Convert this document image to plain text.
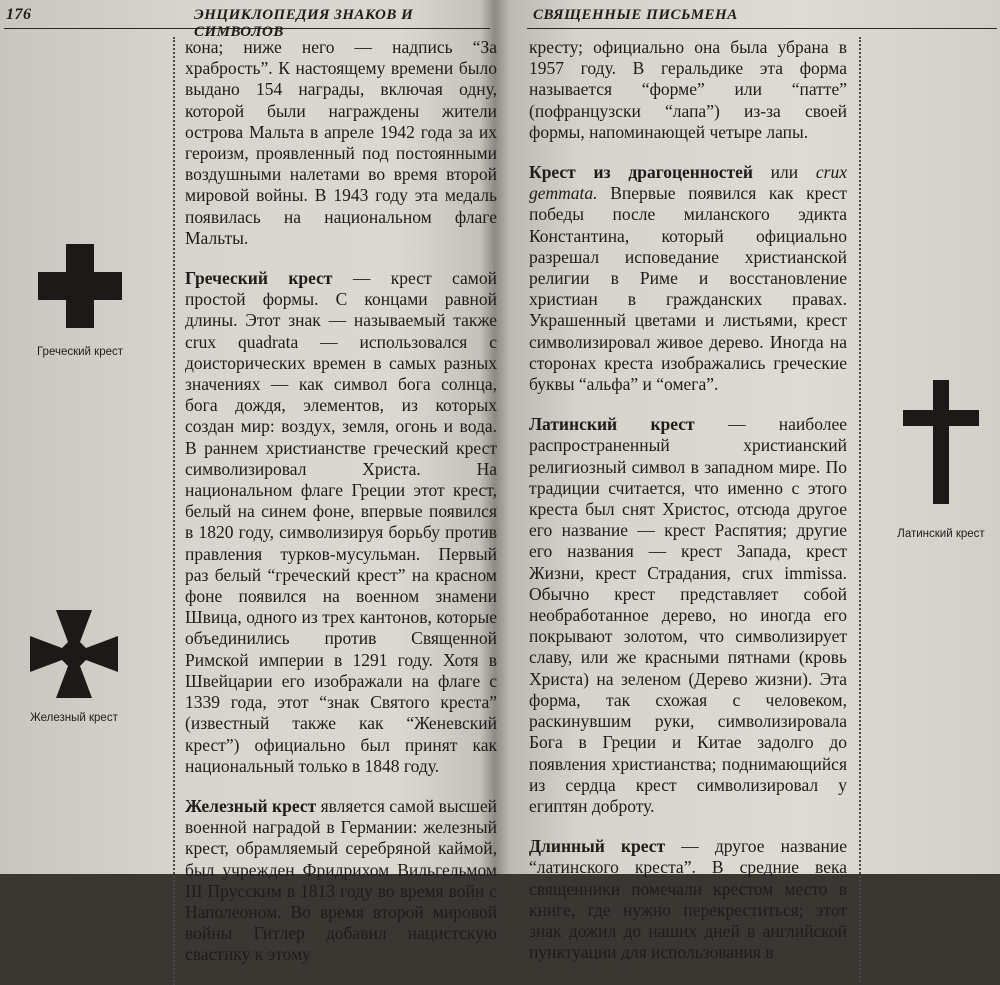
176	ЭНЦИКЛОПЕДИЯ ЗНАКОВ И СИМВОЛОВ
Греческий крест
Железный крест

кона; ниже него — надпись “За храбрость”. К настоящему времени было выдано 154 награды, включая одну, которой были награждены жители острова Мальта в апреле 1942 года за их героизм, проявленный под постоянными воздушными налетами во время второй мировой войны. В 1943 году эта медаль появилась на национальном флаге Мальты.

Греческий крест — крест самой простой формы. С концами равной длины. Этот знак — называемый также crux quadrata — использовался с доисторических времен в самых разных значениях — как символ бога солнца, бога дождя, элементов, из которых создан мир: воздух, земля, огонь и вода. В раннем христианстве греческий крест символизировал Христа. На национальном флаге Греции этот крест, белый на синем фоне, впервые появился в 1820 году, символизируя борьбу против правления турков-мусульман. Первый раз белый “греческий крест” на красном фоне появился на военном знамени Швица, одного из трех кантонов, которые объединились против Священной Римской империи в 1291 году. Хотя в Швейцарии его изображали на флаге с 1339 года, этот “знак Святого креста” (известный также как “Женевский крест”) официально был принят как национальный только в 1848 году.

Железный крест является самой высшей военной наградой в Германии: железный крест, обрамляемый серебряной каймой, был учрежден Фридрихом Вильгельмом III Прусским в 1813 году во время войн с Наполеоном. Во время второй мировой войны Гитлер добавил нацистскую свастику к этому

СВЯЩЕННЫЕ ПИСЬМЕНА

кресту; официально она была убрана в 1957 году. В геральдике эта форма называется “форме” или “патте” (пофранцузски “лапа”) из-за своей формы, напоминающей четыре лапы.

Крест из драгоценностей или crux gemmata. Впервые появился как крест победы после миланского эдикта Константина, который официально разрешал исповедание христианской религии в Риме и восстановление христиан в гражданских правах. Украшенный цветами и листьями, крест символизировал живое дерево. Иногда на сторонах креста изображались греческие буквы “альфа” и “омега”.

Латинский крест — наиболее распространенный христианский религиозный символ в западном мире. По традиции считается, что именно с этого креста был снят Христос, отсюда другое его название — крест Распятия; другие его названия — крест Запада, крест Жизни, крест Страдания, crux immissa. Обычно крест представляет собой необработанное дерево, но иногда его покрывают золотом, что символизирует славу, или же красными пятнами (кровь Христа) на зеленом (Дерево жизни). Эта форма, так схожая с человеком, раскинувшим руки, символизировала Бога в Греции и Китае задолго до появления христианства; поднимающийся из сердца крест символизировал у египтян доброту.

Длинный крест — другое название “латинского креста”. В средние века священники помечали крестом место в книге, где нужно перекреститься; этот знак дожил до наших дней в английской пунктуации для использования в

Латинский крест
